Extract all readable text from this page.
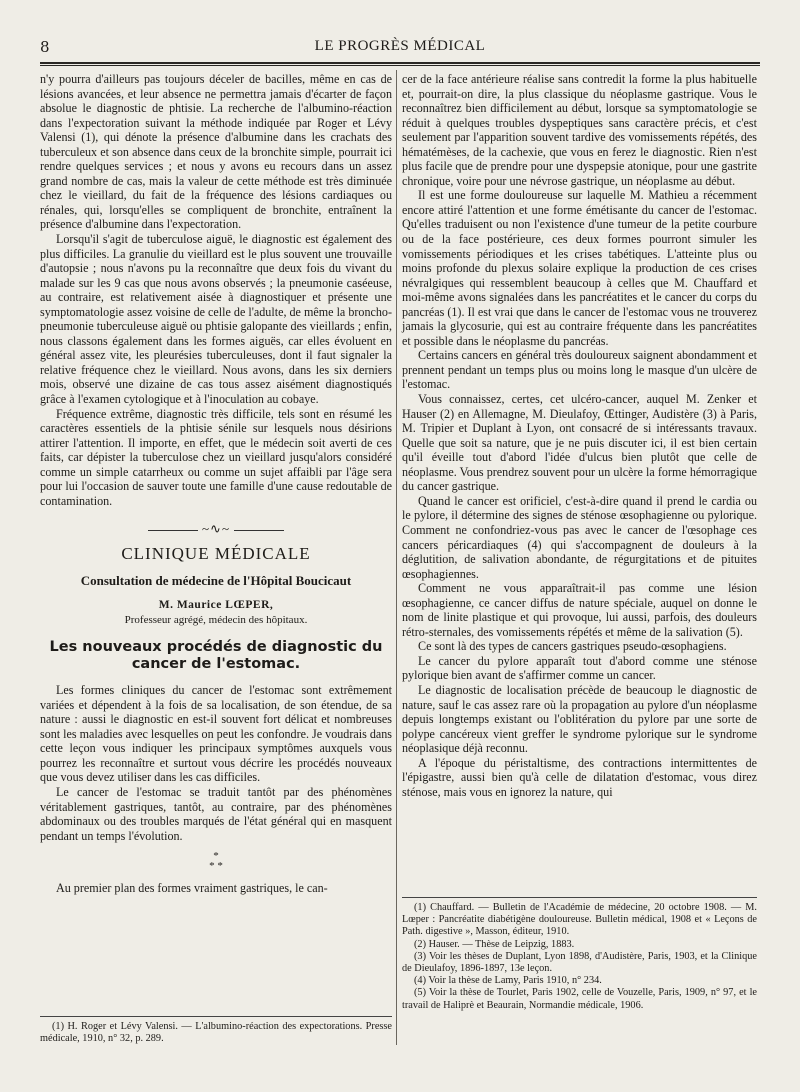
8	LE PROGRÈS MÉDICAL

n'y pourra d'ailleurs pas toujours déceler de bacilles, même en cas de lésions avancées, et leur absence ne permettra jamais d'écarter de façon absolue le diagnostic de phtisie. La recherche de l'albumino-réaction dans l'expectoration suivant la méthode indiquée par Roger et Lévy Valensi (1), qui dénote la présence d'albumine dans les crachats des tuberculeux et son absence dans ceux de la bronchite simple, pourrait ici rendre quelques services ; et nous y avons eu recours dans un assez grand nombre de cas, mais la valeur de cette méthode est très diminuée chez le vieillard, du fait de la fréquence des lésions cardiaques ou rénales, qui, lorsqu'elles se compliquent de bronchite, entraînent la présence d'albumine dans l'expectoration.

Lorsqu'il s'agit de tuberculose aiguë, le diagnostic est également des plus difficiles. La granulie du vieillard est le plus souvent une trouvaille d'autopsie ; nous n'avons pu la reconnaître que deux fois du vivant du malade sur les 9 cas que nous avons observés ; la pneumonie caséeuse, au contraire, est relativement aisée à diagnostiquer et présente une symptomatologie assez voisine de celle de l'adulte, de même la broncho-pneumonie tuberculeuse aiguë ou phtisie galopante des vieillards ; enfin, nous classons également dans les formes aiguës, car elles évoluent en général assez vite, les pleurésies tuberculeuses, dont il faut signaler la relative fréquence chez le vieillard. Nous avons, dans les six derniers mois, observé une dizaine de cas tous assez aisément diagnostiqués grâce à l'examen cytologique et à l'inoculation au cobaye.

Fréquence extrême, diagnostic très difficile, tels sont en résumé les caractères essentiels de la phtisie sénile sur lesquels nous désirions attirer l'attention. Il importe, en effet, que le médecin soit averti de ces faits, car dépister la tuberculose chez un vieillard jusqu'alors considéré comme un simple catarrheux ou comme un sujet affaibli par l'âge sera pour lui l'occasion de sauver toute une famille d'une cause redoutable de contamination.

~∿~
CLINIQUE MÉDICALE
Consultation de médecine de l'Hôpital Boucicaut
M. Maurice LŒPER,
Professeur agrégé, médecin des hôpitaux.
Les nouveaux procédés de diagnostic du cancer de l'estomac.

Les formes cliniques du cancer de l'estomac sont extrêmement variées et dépendent à la fois de sa localisation, de son étendue, de sa nature : aussi le diagnostic en est-il souvent fort délicat et nombreuses sont les maladies avec lesquelles on peut les confondre. Je voudrais dans cette leçon vous indiquer les principaux symptômes auxquels vous pourrez les reconnaître et surtout vous décrire les procédés nouveaux que vous devez utiliser dans les cas difficiles.

Le cancer de l'estomac se traduit tantôt par des phénomènes véritablement gastriques, tantôt, au contraire, par des phénomènes abdominaux ou des troubles marqués de l'état général qui en masquent pendant un temps l'évolution.

*
* *

Au premier plan des formes vraiment gastriques, le can-

(1) H. Roger et Lévy Valensi. — L'albumino-réaction des expectorations. Presse médicale, 1910, n° 32, p. 289.

cer de la face antérieure réalise sans contredit la forme la plus habituelle et, pourrait-on dire, la plus classique du néoplasme gastrique. Vous le reconnaîtrez bien difficilement au début, lorsque sa symptomatologie se réduit à quelques troubles dyspeptiques sans caractère précis, et c'est seulement par l'apparition souvent tardive des vomissements répétés, des hématémèses, de la cachexie, que vous en ferez le diagnostic. Rien n'est plus facile que de prendre pour une dyspepsie atonique, pour une gastrite chronique, voire pour une névrose gastrique, un néoplasme au début.

Il est une forme douloureuse sur laquelle M. Mathieu a récemment encore attiré l'attention et une forme émétisante du cancer de l'estomac. Qu'elles traduisent ou non l'existence d'une tumeur de la petite courbure ou de la face postérieure, ces deux formes pourront simuler les vomissements périodiques et les crises tabétiques. L'atteinte plus ou moins profonde du plexus solaire explique la production de ces crises névralgiques qui ressemblent beaucoup à celles que M. Chauffard et moi-même avons signalées dans les pancréatites et le cancer du corps du pancréas (1). Il est vrai que dans le cancer de l'estomac vous ne trouverez jamais la glycosurie, qui est au contraire fréquente dans les pancréatites et possible dans le néoplasme du pancréas.

Certains cancers en général très douloureux saignent abondamment et prennent pendant un temps plus ou moins long le masque d'un ulcère de l'estomac.

Vous connaissez, certes, cet ulcéro-cancer, auquel M. Zenker et Hauser (2) en Allemagne, M. Dieulafoy, Œttinger, Audistère (3) à Paris, M. Tripier et Duplant à Lyon, ont consacré de si intéressants travaux. Quelle que soit sa nature, que je ne puis discuter ici, il est bien certain qu'il éveille tout d'abord l'idée d'ulcus bien plutôt que celle de néoplasme. Vous prendrez souvent pour un ulcère la forme hémorragique du cancer gastrique.

Quand le cancer est orificiel, c'est-à-dire quand il prend le cardia ou le pylore, il détermine des signes de sténose œsophagienne ou pylorique. Comment ne confondriez-vous pas avec le cancer de l'œsophage ces cancers péricardiaques (4) qui s'accompagnent de douleurs à la déglutition, de salivation abondante, de régurgitations et de pituites œsophagiennes.

Comment ne vous apparaîtrait-il pas comme une lésion œsophagienne, ce cancer diffus de nature spéciale, auquel on donne le nom de linite plastique et qui provoque, lui aussi, parfois, des douleurs rétro-sternales, des vomissements répétés et même de la salivation (5).

Ce sont là des types de cancers gastriques pseudo-œsophagiens.

Le cancer du pylore apparaît tout d'abord comme une sténose pylorique bien avant de s'affirmer comme un cancer.

Le diagnostic de localisation précède de beaucoup le diagnostic de nature, sauf le cas assez rare où la propagation au pylore d'un néoplasme depuis longtemps existant ou l'oblitération du pylore par une sorte de polype cancéreux vient greffer le syndrome pylorique sur le syndrome néoplasique déjà reconnu.

A l'époque du péristaltisme, des contractions intermittentes de l'épigastre, aussi bien qu'à celle de dilatation d'estomac, vous direz sténose, mais vous en ignorez la nature, qui

(1) Chauffard. — Bulletin de l'Académie de médecine, 20 octobre 1908. — M. Lœper : Pancréatite diabétigène douloureuse. Bulletin médical, 1908 et « Leçons de Path. digestive », Masson, éditeur, 1910.

(2) Hauser. — Thèse de Leipzig, 1883.

(3) Voir les thèses de Duplant, Lyon 1898, d'Audistère, Paris, 1903, et la Clinique de Dieulafoy, 1896-1897, 13e leçon.

(4) Voir la thèse de Lamy, Paris 1910, n° 234.

(5) Voir la thèse de Tourlet, Paris 1902, celle de Vouzelle, Paris, 1909, n° 97, et le travail de Haliprè et Beaurain, Normandie médicale, 1906.
